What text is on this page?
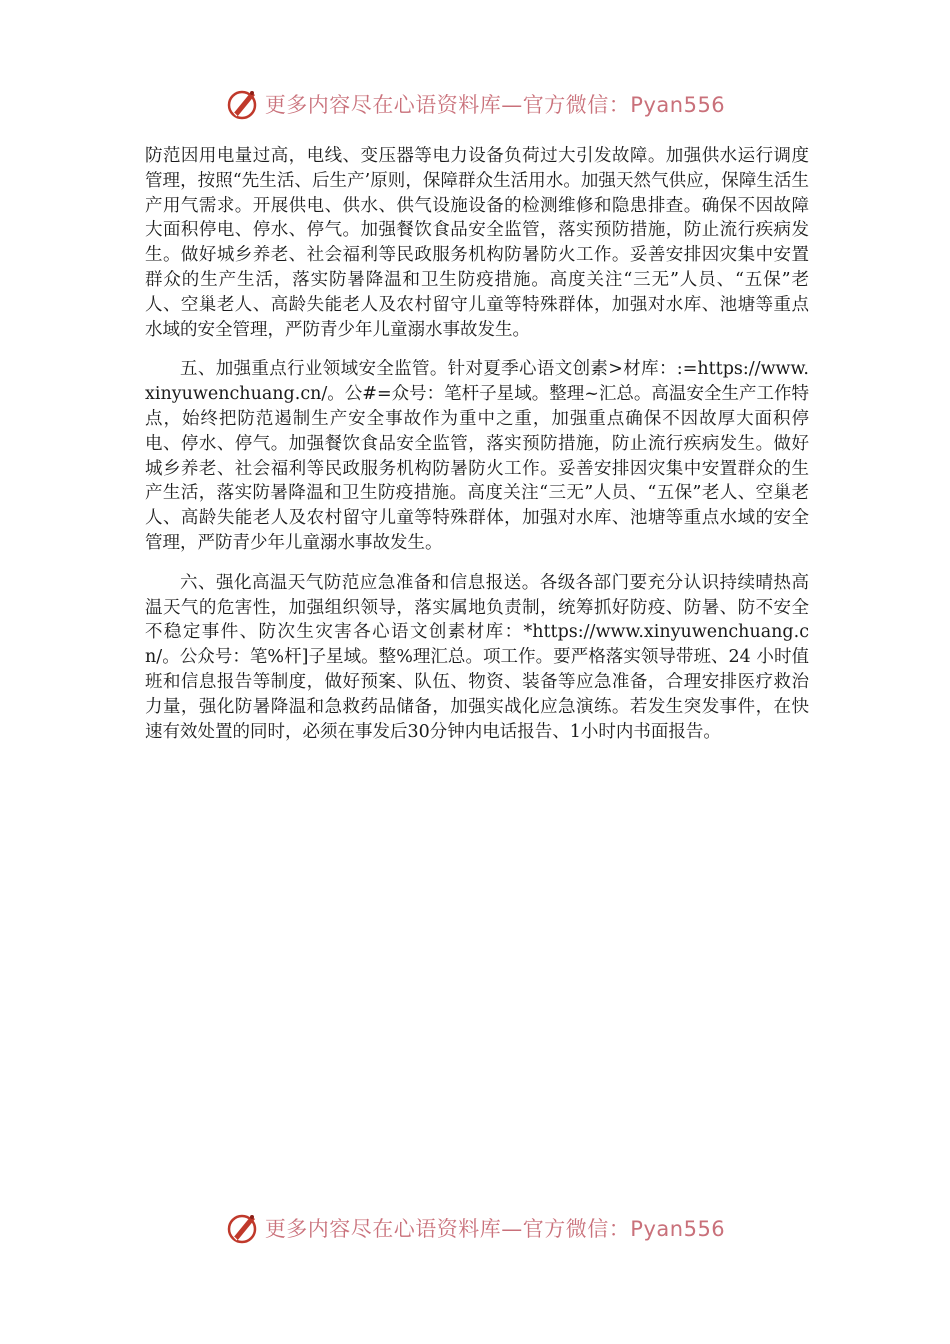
更多内容尽在心语资料库—官方微信：Pyan556

防范因用电量过高，电线、变压器等电力设备负荷过大引发故障。加强供水运行调度管理，按照“先生活、后生产’原则，保障群众生活用水。加强天然气供应，保障生活生产用气需求。开展供电、供水、供气设施设备的检测维修和隐患排查。确保不因故障大面积停电、停水、停气。加强餐饮食品安全监管，落实预防措施，防止流行疾病发生。做好城乡养老、社会福利等民政服务机构防暑防火工作。妥善安排因灾集中安置群众的生产生活，落实防暑降温和卫生防疫措施。高度关注“三无”人员、“五保”老人、空巢老人、高龄失能老人及农村留守儿童等特殊群体，加强对水库、池塘等重点水域的安全管理，严防青少年儿童溺水事故发生。

五、加强重点行业领域安全监管。针对夏季心语文创素>材库：:=https://www.xinyuwenchuang.cn/。公#=众号：笔杆子星域。整理~汇总。高温安全生产工作特点，始终把防范遏制生产安全事故作为重中之重，加强重点确保不因故厚大面积停电、停水、停气。加强餐饮食品安全监管，落实预防措施，防止流行疾病发生。做好城乡养老、社会福利等民政服务机构防暑防火工作。妥善安排因灾集中安置群众的生产生活，落实防暑降温和卫生防疫措施。高度关注“三无”人员、“五保”老人、空巢老人、高龄失能老人及农村留守儿童等特殊群体，加强对水库、池塘等重点水域的安全管理，严防青少年儿童溺水事故发生。

六、强化高温天气防范应急准备和信息报送。各级各部门要充分认识持续晴热高温天气的危害性，加强组织领导，落实属地负责制，统筹抓好防疫、防暑、防不安全不稳定事件、防次生灾害各心语文创素材库：*https://www.xinyuwenchuang.cn/。公众号：笔%杆]子星域。整%理汇总。项工作。要严格落实领导带班、24 小时值班和信息报告等制度，做好预案、队伍、物资、装备等应急准备，合理安排医疗救治力量，强化防暑降温和急救药品储备，加强实战化应急演练。若发生突发事件，在快速有效处置的同时，必须在事发后30分钟内电话报告、1小时内书面报告。

更多内容尽在心语资料库—官方微信：Pyan556
